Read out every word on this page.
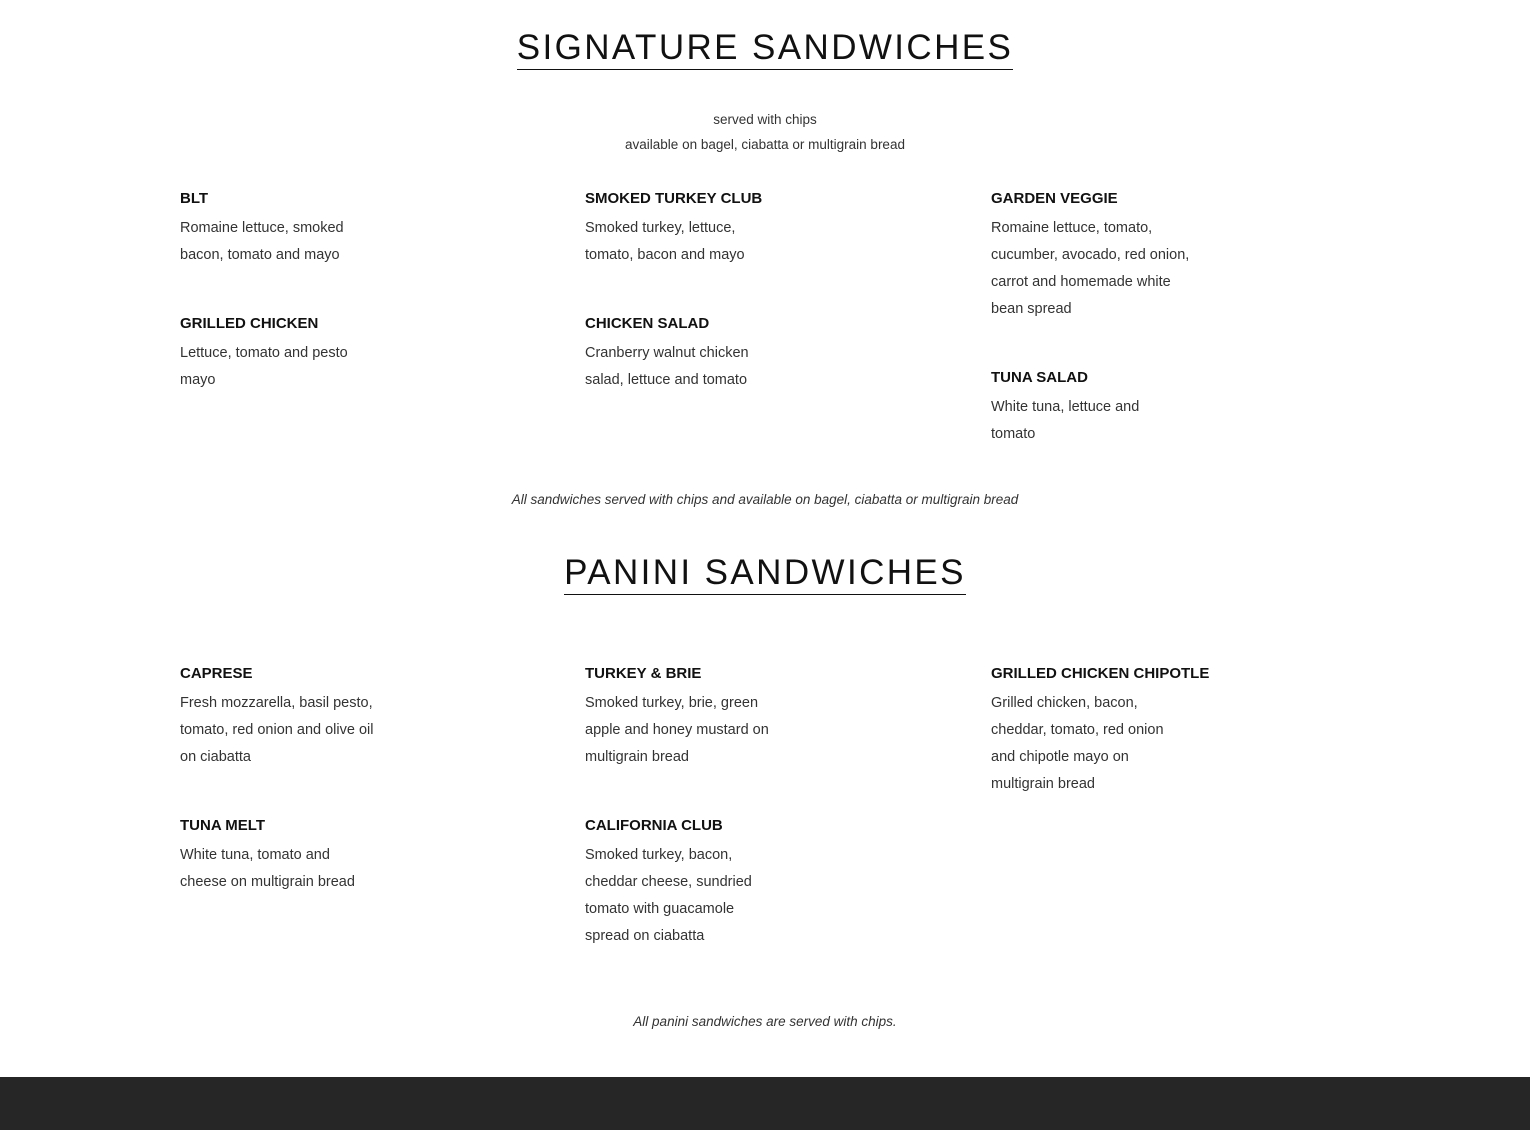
SIGNATURE SANDWICHES
served with chips
available on bagel, ciabatta or multigrain bread
BLT
Romaine lettuce, smoked bacon, tomato and mayo
SMOKED TURKEY CLUB
Smoked turkey, lettuce, tomato, bacon and mayo
GARDEN VEGGIE
Romaine lettuce, tomato, cucumber, avocado, red onion, carrot and homemade white bean spread
GRILLED CHICKEN
Lettuce, tomato and pesto mayo
CHICKEN SALAD
Cranberry walnut chicken salad, lettuce and tomato	TUNA SALAD
White tuna, lettuce and tomato
All sandwiches served with chips and available on bagel, ciabatta or multigrain bread
PANINI SANDWICHES
CAPRESE
Fresh mozzarella, basil pesto, tomato, red onion and olive oil on ciabatta
TURKEY & BRIE
Smoked turkey, brie, green apple and honey mustard on multigrain bread
GRILLED CHICKEN CHIPOTLE
Grilled chicken, bacon, cheddar, tomato, red onion and chipotle mayo on multigrain bread
TUNA MELT
White tuna, tomato and cheese on multigrain bread
CALIFORNIA CLUB
Smoked turkey, bacon, cheddar cheese, sundried tomato with guacamole spread on ciabatta
All panini sandwiches are served with chips.
